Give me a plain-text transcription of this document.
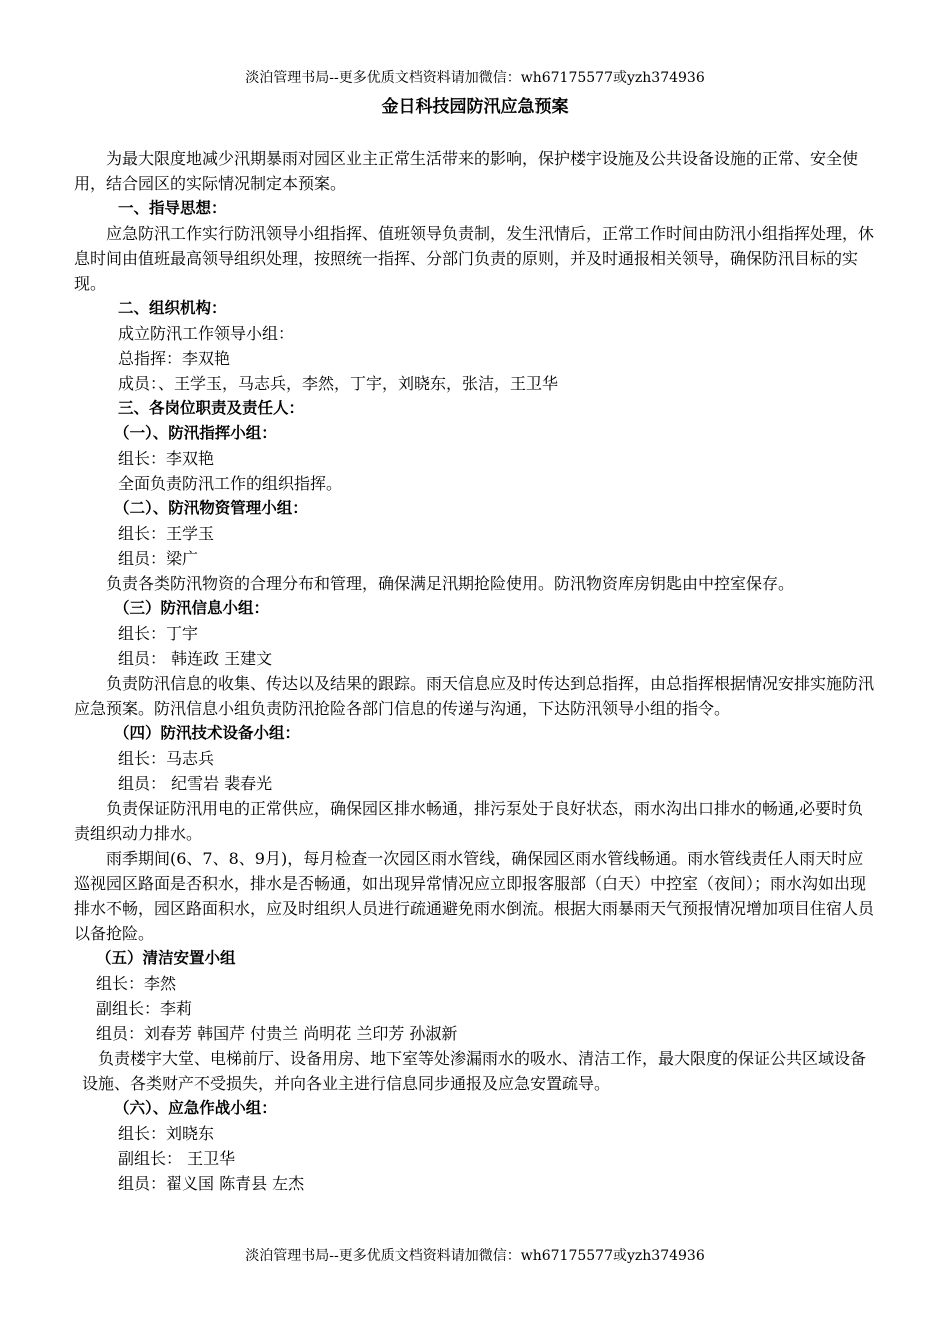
淡泊管理书局--更多优质文档资料请加微信：wh67175577或yzh374936
金日科技园防汛应急预案

为最大限度地减少汛期暴雨对园区业主正常生活带来的影响，保护楼宇设施及公共设备设施的正常、安全使用，结合园区的实际情况制定本预案。

一、指导思想：

应急防汛工作实行防汛领导小组指挥、值班领导负责制，发生汛情后，正常工作时间由防汛小组指挥处理，休息时间由值班最高领导组织处理，按照统一指挥、分部门负责的原则，并及时通报相关领导，确保防汛目标的实现。

二、组织机构：

成立防汛工作领导小组：

总指挥：李双艳

成员：、王学玉，马志兵，李然，丁宇，刘晓东，张洁，王卫华

三、各岗位职责及责任人：

（一）、防汛指挥小组：

组长：李双艳

全面负责防汛工作的组织指挥。

（二）、防汛物资管理小组：

组长：王学玉

组员：梁广

负责各类防汛物资的合理分布和管理，确保满足汛期抢险使用。防汛物资库房钥匙由中控室保存。

（三）防汛信息小组：

组长：丁宇

组员： 韩连政 王建文

负责防汛信息的收集、传达以及结果的跟踪。雨天信息应及时传达到总指挥，由总指挥根据情况安排实施防汛应急预案。防汛信息小组负责防汛抢险各部门信息的传递与沟通，下达防汛领导小组的指令。

（四）防汛技术设备小组：

组长：马志兵

组员： 纪雪岩 裴春光

负责保证防汛用电的正常供应，确保园区排水畅通，排污泵处于良好状态，雨水沟出口排水的畅通,必要时负责组织动力排水。

雨季期间(6、7、8、9月)，每月检查一次园区雨水管线，确保园区雨水管线畅通。雨水管线责任人雨天时应巡视园区路面是否积水，排水是否畅通，如出现异常情况应立即报客服部（白天）中控室（夜间）；雨水沟如出现排水不畅，园区路面积水，应及时组织人员进行疏通避免雨水倒流。根据大雨暴雨天气预报情况增加项目住宿人员以备抢险。

（五）清洁安置小组

组长：李然

副组长：李莉

组员：刘春芳 韩国芹 付贵兰 尚明花 兰印芳 孙淑新

负责楼宇大堂、电梯前厅、设备用房、地下室等处渗漏雨水的吸水、清洁工作，最大限度的保证公共区域设备设施、各类财产不受损失，并向各业主进行信息同步通报及应急安置疏导。

（六）、应急作战小组：

组长：刘晓东

副组长： 王卫华

组员：翟义国 陈青县 左杰

淡泊管理书局--更多优质文档资料请加微信：wh67175577或yzh374936
